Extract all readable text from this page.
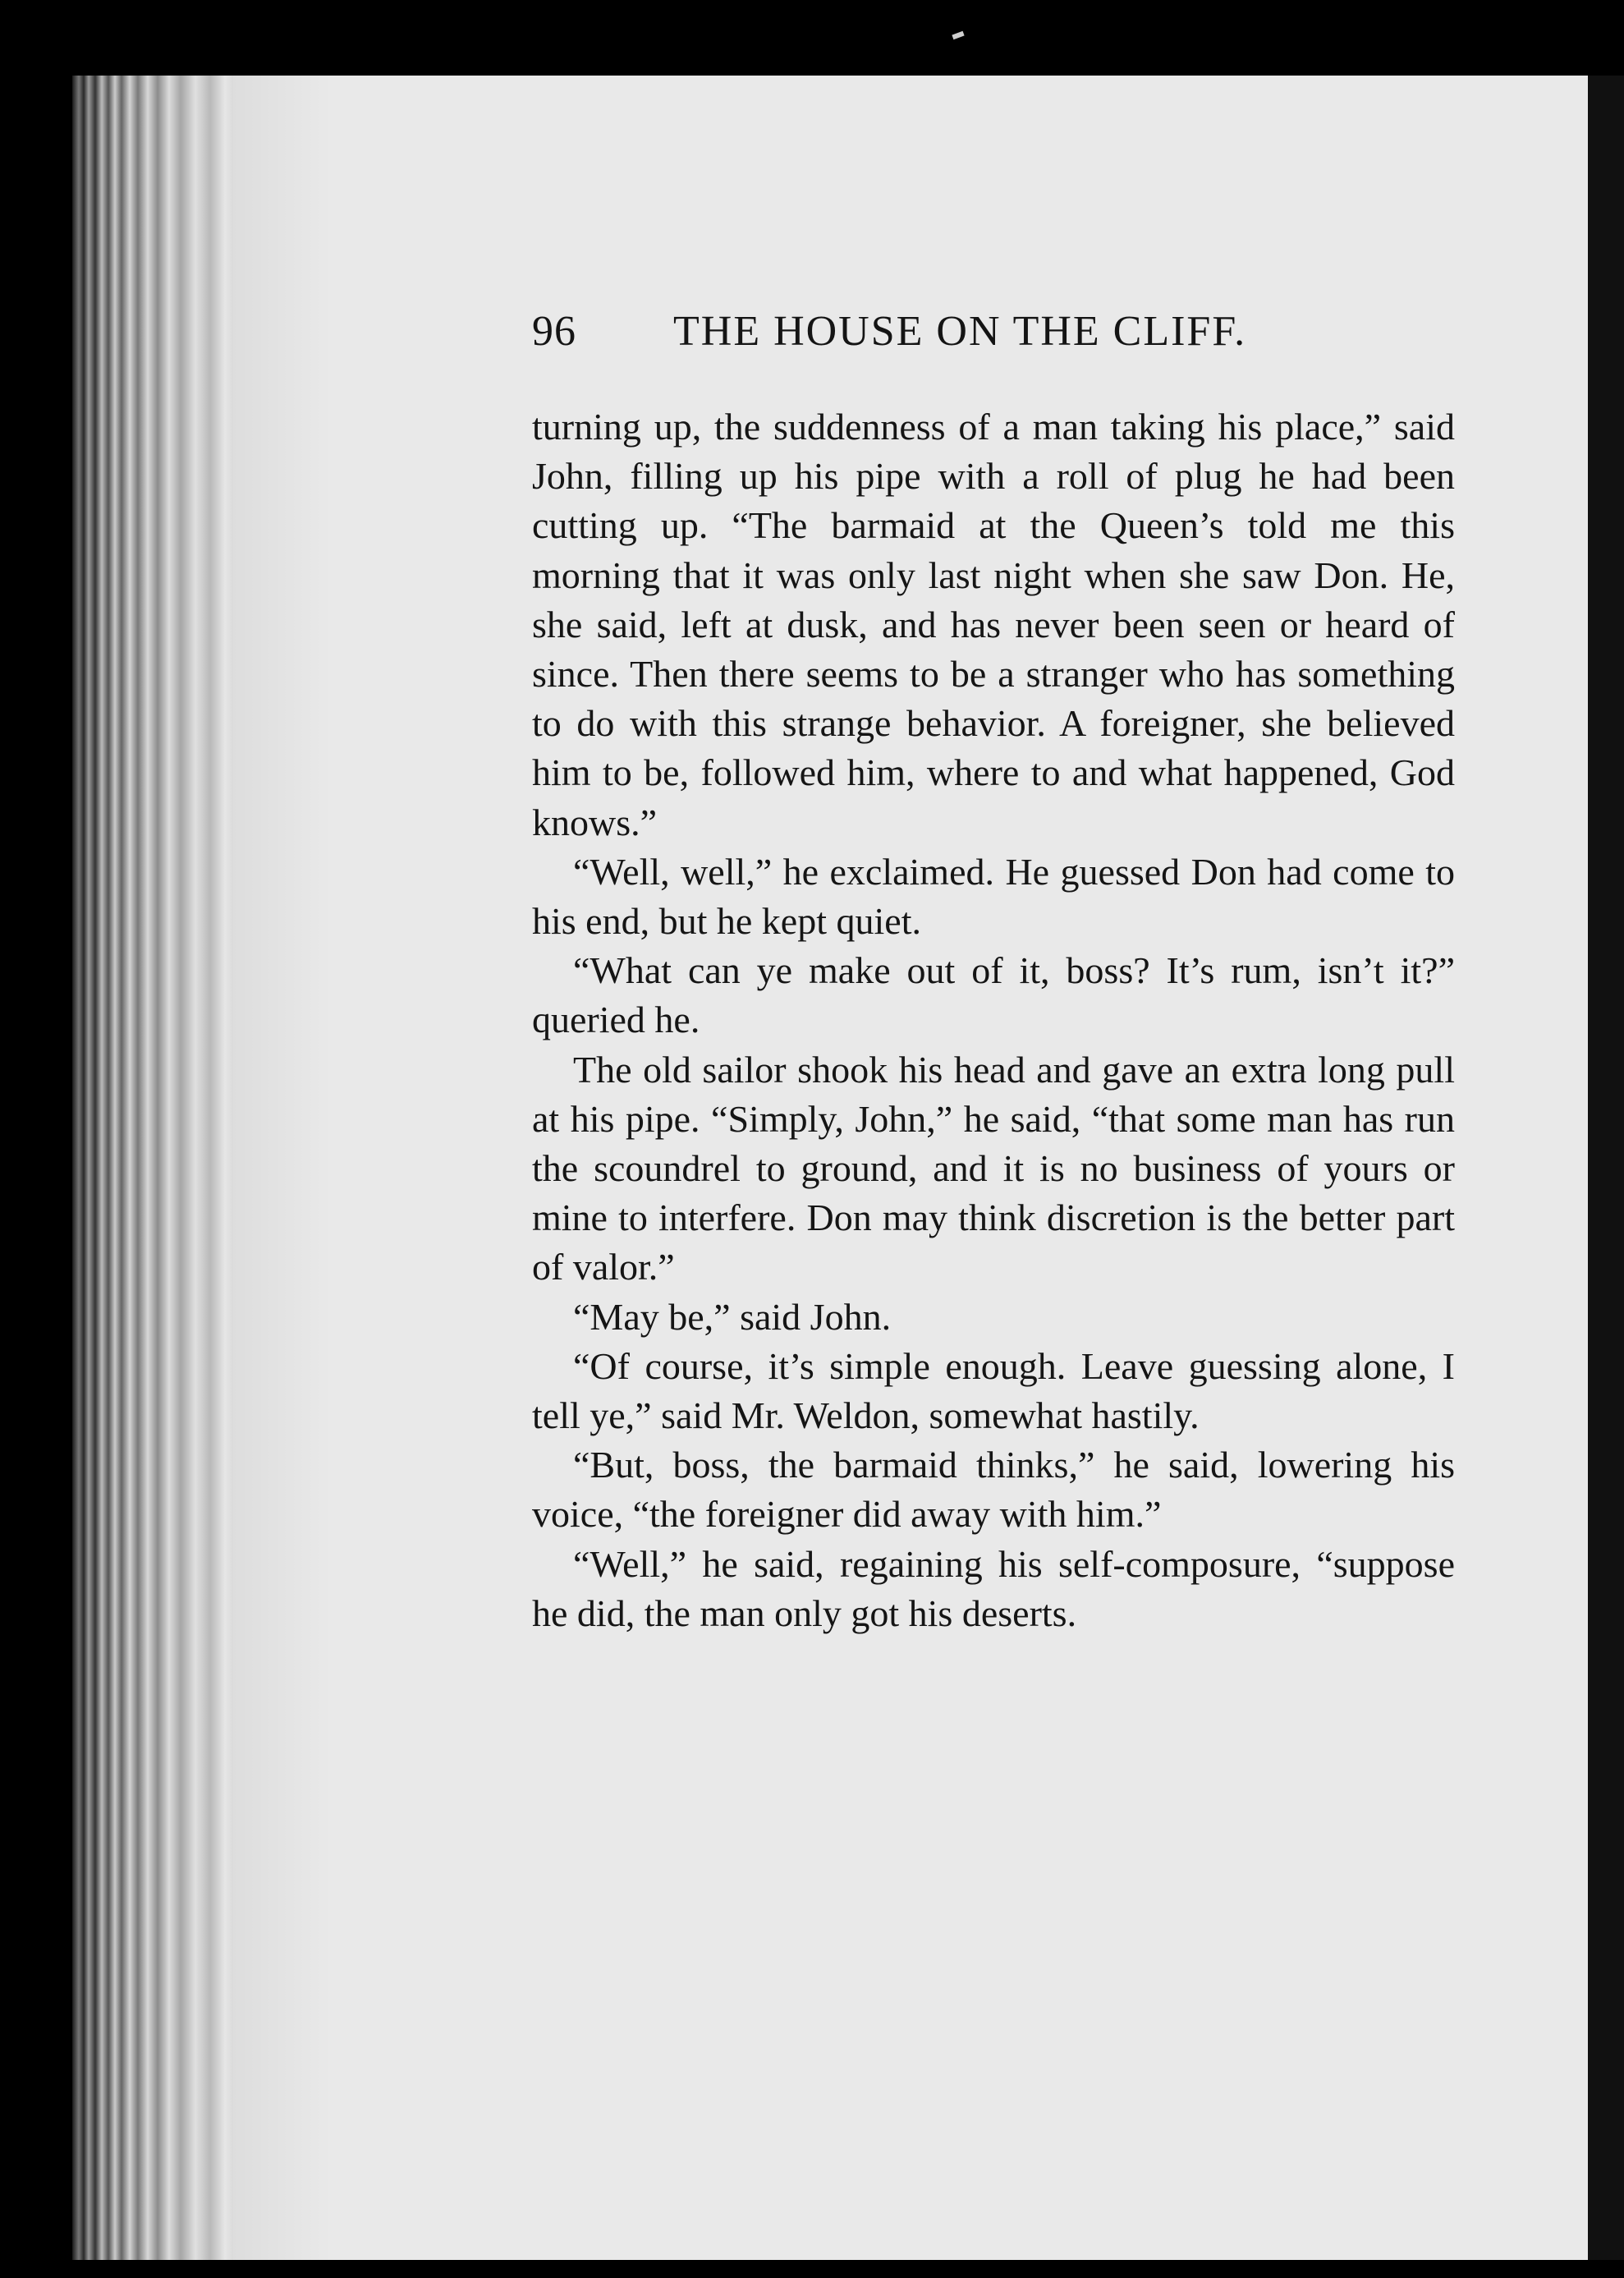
96 THE HOUSE ON THE CLIFF.

turning up, the suddenness of a man taking his place,” said John, filling up his pipe with a roll of plug he had been cutting up. “The barmaid at the Queen’s told me this morning that it was only last night when she saw Don. He, she said, left at dusk, and has never been seen or heard of since. Then there seems to be a stranger who has something to do with this strange behavior. A foreigner, she believed him to be, followed him, where to and what happened, God knows.”

“Well, well,” he exclaimed. He guessed Don had come to his end, but he kept quiet.

“What can ye make out of it, boss? It’s rum, isn’t it?” queried he.

The old sailor shook his head and gave an extra long pull at his pipe. “Simply, John,” he said, “that some man has run the scoundrel to ground, and it is no business of yours or mine to interfere. Don may think discretion is the better part of valor.”

“May be,” said John.

“Of course, it’s simple enough. Leave guessing alone, I tell ye,” said Mr. Weldon, somewhat hastily.

“But, boss, the barmaid thinks,” he said, lowering his voice, “the foreigner did away with him.”

“Well,” he said, regaining his self-composure, “suppose he did, the man only got his deserts.
